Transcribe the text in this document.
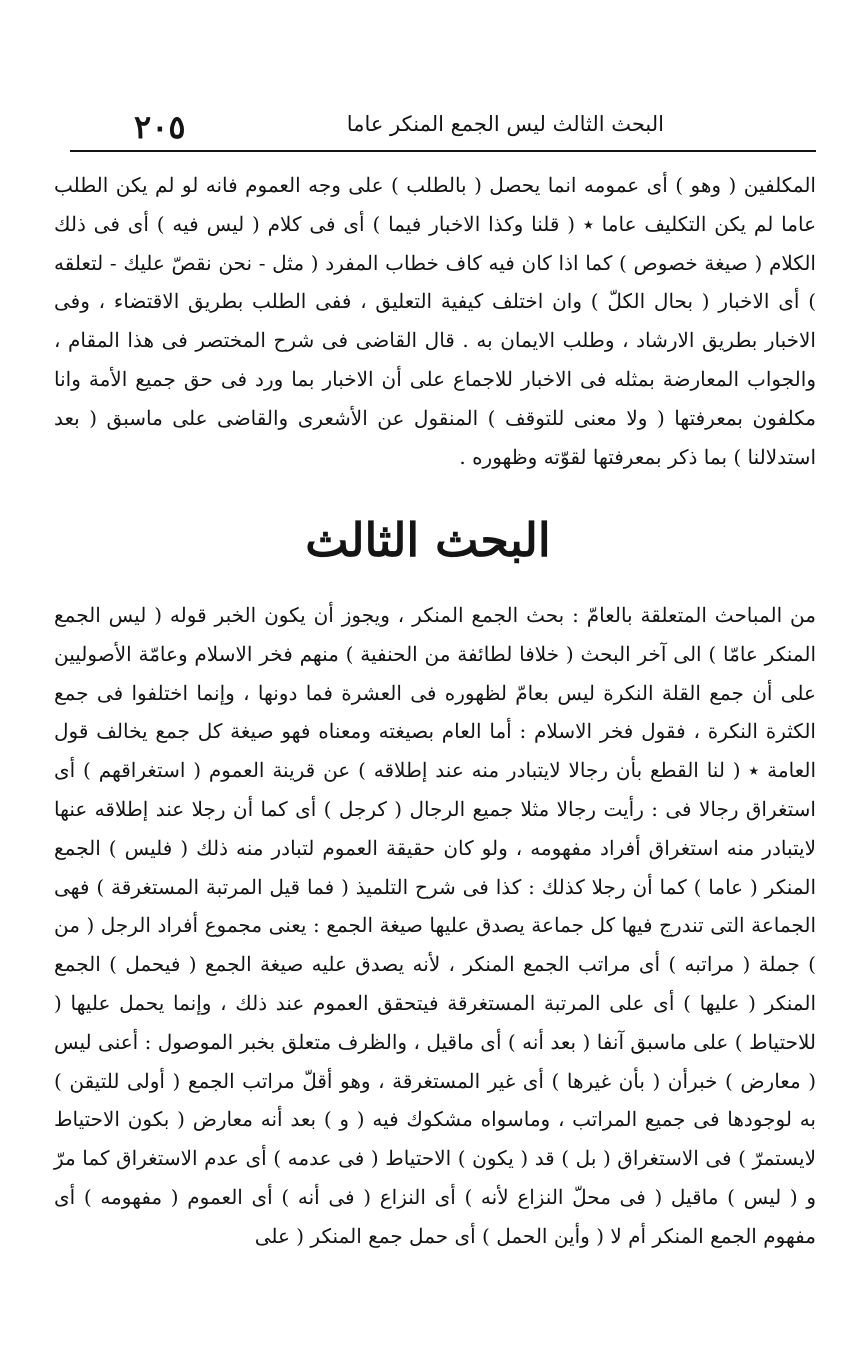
٢٠٥	البحث الثالث ليس الجمع المنكر عاما

المكلفين ( وهو ) أى عمومه انما يحصل ( بالطلب ) على وجه العموم فانه لو لم يكن الطلب عاما لم يكن التكليف عاما ٭ ( قلنا وكذا الاخبار فيما ) أى فى كلام ( ليس فيه ) أى فى ذلك الكلام ( صيغة خصوص ) كما اذا كان فيه كاف خطاب المفرد ( مثل - نحن نقصّ عليك - لتعلقه ) أى الاخبار ( بحال الكلّ ) وان اختلف كيفية التعليق ، ففى الطلب بطريق الاقتضاء ، وفى الاخبار بطريق الارشاد ، وطلب الايمان به . قال القاضى فى شرح المختصر فى هذا المقام ، والجواب المعارضة بمثله فى الاخبار للاجماع على أن الاخبار بما ورد فى حق جميع الأمة وانا مكلفون بمعرفتها ( ولا معنى للتوقف ) المنقول عن الأشعرى والقاضى على ماسبق ( بعد استدلالنا ) بما ذكر بمعرفتها لقوّته وظهوره .

البحث الثالث

من المباحث المتعلقة بالعامّ : بحث الجمع المنكر ، ويجوز أن يكون الخبر قوله ( ليس الجمع المنكر عامّا ) الى آخر البحث ( خلافا لطائفة من الحنفية ) منهم فخر الاسلام وعامّة الأصوليين على أن جمع القلة النكرة ليس بعامّ لظهوره فى العشرة فما دونها ، وإنما اختلفوا فى جمع الكثرة النكرة ، فقول فخر الاسلام : أما العام بصيغته ومعناه فهو صيغة كل جمع يخالف قول العامة ٭ ( لنا القطع بأن رجالا لايتبادر منه عند إطلاقه ) عن قرينة العموم ( استغراقهم ) أى استغراق رجالا فى : رأيت رجالا مثلا جميع الرجال ( كرجل ) أى كما أن رجلا عند إطلاقه عنها لايتبادر منه استغراق أفراد مفهومه ، ولو كان حقيقة العموم لتبادر منه ذلك ( فليس ) الجمع المنكر ( عاما ) كما أن رجلا كذلك : كذا فى شرح التلميذ ( فما قيل المرتبة المستغرقة ) فهى الجماعة التى تندرج فيها كل جماعة يصدق عليها صيغة الجمع : يعنى مجموع أفراد الرجل ( من ) جملة ( مراتبه ) أى مراتب الجمع المنكر ، لأنه يصدق عليه صيغة الجمع ( فيحمل ) الجمع المنكر ( عليها ) أى على المرتبة المستغرقة فيتحقق العموم عند ذلك ، وإنما يحمل عليها ( للاحتياط ) على ماسبق آنفا ( بعد أنه ) أى ماقيل ، والظرف متعلق بخبر الموصول : أعنى ليس ( معارض ) خبرأن ( بأن غيرها ) أى غير المستغرقة ، وهو أقلّ مراتب الجمع ( أولى للتيقن ) به لوجودها فى جميع المراتب ، وماسواه مشكوك فيه ( و ) بعد أنه معارض ( بكون الاحتياط لايستمرّ ) فى الاستغراق ( بل ) قد ( يكون ) الاحتياط ( فى عدمه ) أى عدم الاستغراق كما مرّ و ( ليس ) ماقيل ( فى محلّ النزاع لأنه ) أى النزاع ( فى أنه ) أى العموم ( مفهومه ) أى مفهوم الجمع المنكر أم لا ( وأين الحمل ) أى حمل جمع المنكر ( على
